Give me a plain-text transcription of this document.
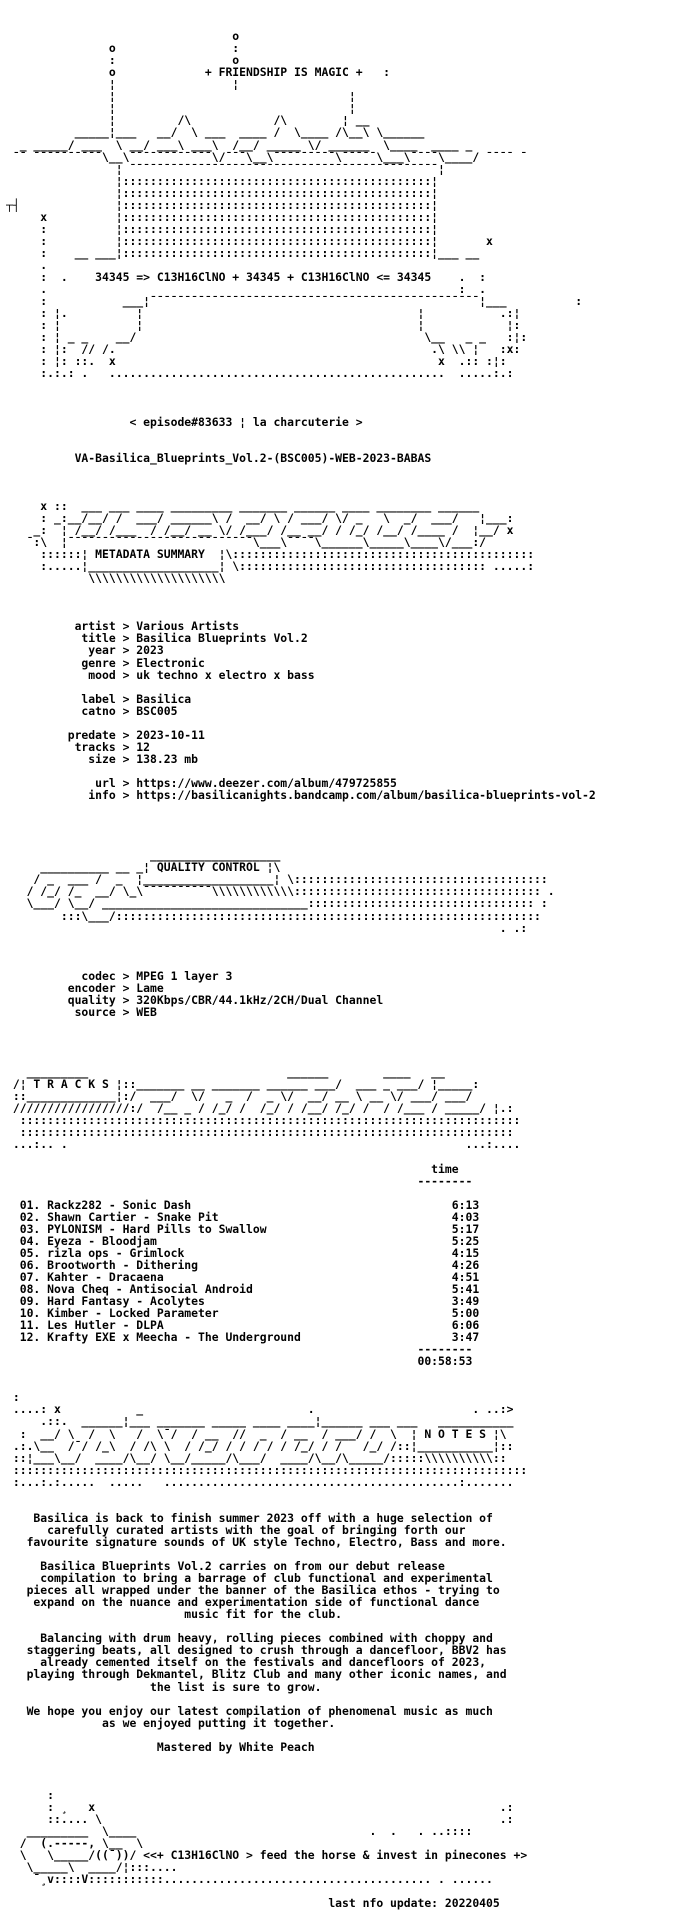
o
o                 :
:                 o
o             + FRIENDSHIP IS MAGIC +   :
¦                 ¦
¦                                  ¦
¦                                  ¦
¦         /\            /\        ¦ __
_____¦___   __/  \ ___  ____ /  \____ /\__\ \______
_ _____/ ___  \ __/ ___\ ___\  /__/ _____ \/ ______  \____  ____ _
¯¯ ¯¯¯¯¯¯¯¯¯¯\__\¯¯¯¯¯¯¯¯¯¯¯¯\/¯¯¯\__\¯¯¯¯¯¯¯¯¯\¯¯¯¯¯\___\¯¯¯¯\____/ ¯¯¯¯ ¯
¦ ¯¯¯¯¯¯¯¯¯¯¯¯¯¯¯¯¯¯¯¯¯¯¯¯¯¯¯¯¯¯¯¯¯¯¯¯¯¯¯¯¯¯¯¯¯¦
¦:::::::::::::::::::::::::::::::::::::::::::::¦
¦:::::::::::::::::::::::::::::::::::::::::::::¦
┬┤              ¦:::::::::::::::::::::::::::::::::::::::::::::¦
x          ¦:::::::::::::::::::::::::::::::::::::::::::::¦
:          ¦:::::::::::::::::::::::::::::::::::::::::::::¦
:          ¦:::::::::::::::::::::::::::::::::::::::::::::¦       x
:    __ ___¦:::::::::::::::::::::::::::::::::::::::::::::¦___ __
.
:  .    34345 => C13H16ClNO + 34345 + C13H16ClNO <= 34345    .  :
.                                                            :  .
:           ___¦¯¯¯¯¯¯¯¯¯¯¯¯¯¯¯¯¯¯¯¯¯¯¯¯¯¯¯¯¯¯¯¯¯¯¯¯¯¯¯¯¯¯¯¯¯¯¯¯¦___          :
: ¦.          ¦                                        ¦           .:¦
: ¦           ¦                                        ¦            ¦:
: ¦ _ _    __/                                          \__   _ _   :¦:
: ¦:  // /.                                              .\ \\ ¦   :x:
: ¦: ::.  x                                               x  .:: :¦:
:.:.: .   .................................................  .....:.:

< episode#83633 ¦ la charcuterie >

VA-Basilica_Blueprints_Vol.2-(BSC005)-WEB-2023-BABAS

x ::  ___ ___ ____ _________ _______ ______ ____ ________ ______
: _:__/__/ /  ___/ ______\ /  __/ \ / ___/ \/ _   \  _/  ___/   ¦___:
_:  ¦ /__/ /___  / /__/ __ \/ /___/ /__ __/ / /_/ /__/ /____ /  ¦__/ x
¯:\  ¦¯¯¯¯¯¯¯¯¯¯¯¯¯¯¯¯¯¯¯¯¯¯¯¯¯¯¯\___\¯¯¯¯\______\_____\____\/___:/
::::::¦ METADATA SUMMARY  ¦\::::::::::::::::::::::::::::::::::::::::::::
:.....¦___________________¦ \:::::::::::::::::::::::::::::::::::: .....:
\\\\\\\\\\\\\\\\\\\\

artist > Various Artists
title > Basilica Blueprints Vol.2
year > 2023
genre > Electronic
mood > uk techno x electro x bass

label > Basilica
catno > BSC005

predate > 2023-10-11
tracks > 12
size > 138.23 mb

url > https://www.deezer.com/album/479725855
info > https://basilicanights.bandcamp.com/album/basilica-blueprints-vol-2

___________________
__________ __ _¦ QUALITY CONTROL ¦\
/ _  ___ /  _  ¦___________________¦ \:::::::::::::::::::::::::::::::::::::
/ /_/ /_  __/ \_\¯¯¯¯¯¯¯¯¯¯\\\\\\\\\\\\:::::::::::::::::::::::::::::::::::: .
\___/ \__/ ______________________________::::::::::::::::::::::::::::::::: :
:::\___/::::::::::::::::::::::::::::::::::::::::::::::::::::::::::::::
. .:

codec > MPEG 1 layer 3
encoder > Lame
quality > 320Kbps/CBR/44.1kHz/2CH/Dual Channel
source > WEB

_________                             ______        ____   __
/¦ T R A C K S ¦::_______ __ _______ ______ ___/  ___ _ ___/ ¦_____:
::_____________¦:/  ___/  \/   _  /  _ \/  __/ __ \ __ \/ ___/ ___/
/////////////////:/  /__ _ / /_/ /  /_/ / /__/ /_/ /  / /___ / _____/ ¦.:
:::::::::::::::::::::::::::::::::::::::::::::::::::::::::::::::::::::::::
::::::::::::::::::::::::::::::::::::::::::::::::::::::::::::::::::::::::
...:.. .                                                          ...:....

time
--------

01. Rackz282 - Sonic Dash                                      6:13
02. Shawn Cartier - Snake Pit                                  4:03
03. PYLONISM - Hard Pills to Swallow                           5:17
04. Eyeza - Bloodjam                                           5:25
05. rizla ops - Grimlock                                       4:15
06. Brootworth - Dithering                                     4:26
07. Kahter - Dracaena                                          4:51
08. Nova Cheq - Antisocial Android                             5:41
09. Hard Fantasy - Acolytes                                    3:49
10. Kimber - Locked Parameter                                  5:00
11. Les Hutler - DLPA                                          6:06
12. Krafty EXE x Meecha - The Underground                      3:47
--------
00:58:53

:
....: x           _                        .                       . ..:>
.::.  ______¦___ _______ _____ ____ ____¦______ ___ ___   ___________
:  __/ \  /  \   /  \¯/  / __  //  _  / __  / ___/ /  \  ¦ N O T E S ¦\
.:.\__  /¯/ /_\  / /\ \  / /_/ / / / / / /_/ / /   /_/ /::¦___________¦::
::¦___\__/  ____/\__/ \__/_____/\___/  ____/\__/\_____/:::::\\\\\\\\\\::
:::::::::::::::::::::::::::::::::::::::::::::::::::::::::::::::::::::::::::
:...:.:.....  .....   ...........................................:.......

Basilica is back to finish summer 2023 off with a huge selection of
carefully curated artists with the goal of bringing forth our
favourite signature sounds of UK style Techno, Electro, Bass and more.

Basilica Blueprints Vol.2 carries on from our debut release
compilation to bring a barrage of club functional and experimental
pieces all wrapped under the banner of the Basilica ethos - trying to
expand on the nuance and experimentation side of functional dance
music fit for the club.

Balancing with drum heavy, rolling pieces combined with choppy and
staggering beats, all designed to crush through a dancefloor, BBV2 has
already cemented itself on the festivals and dancefloors of 2023,
playing through Dekmantel, Blitz Club and many other iconic names, and
the list is sure to grow.

We hope you enjoy our latest compilation of phenomenal music as much
as we enjoyed putting it together.

Mastered by White Peach

:
: ¸   x                                                           .:
::.... \                                                          .:
_________  \____                                  .  .   . ..::::
/  (.-----, \__  \
\   \_____/((¯))/ <<+ C13H16ClNO > feed the horse & invest in pinecones +>
\_____\  ____/¦:::....
¯¸v::::V:::::::::::....................................... . ......

last nfo update: 20220405
